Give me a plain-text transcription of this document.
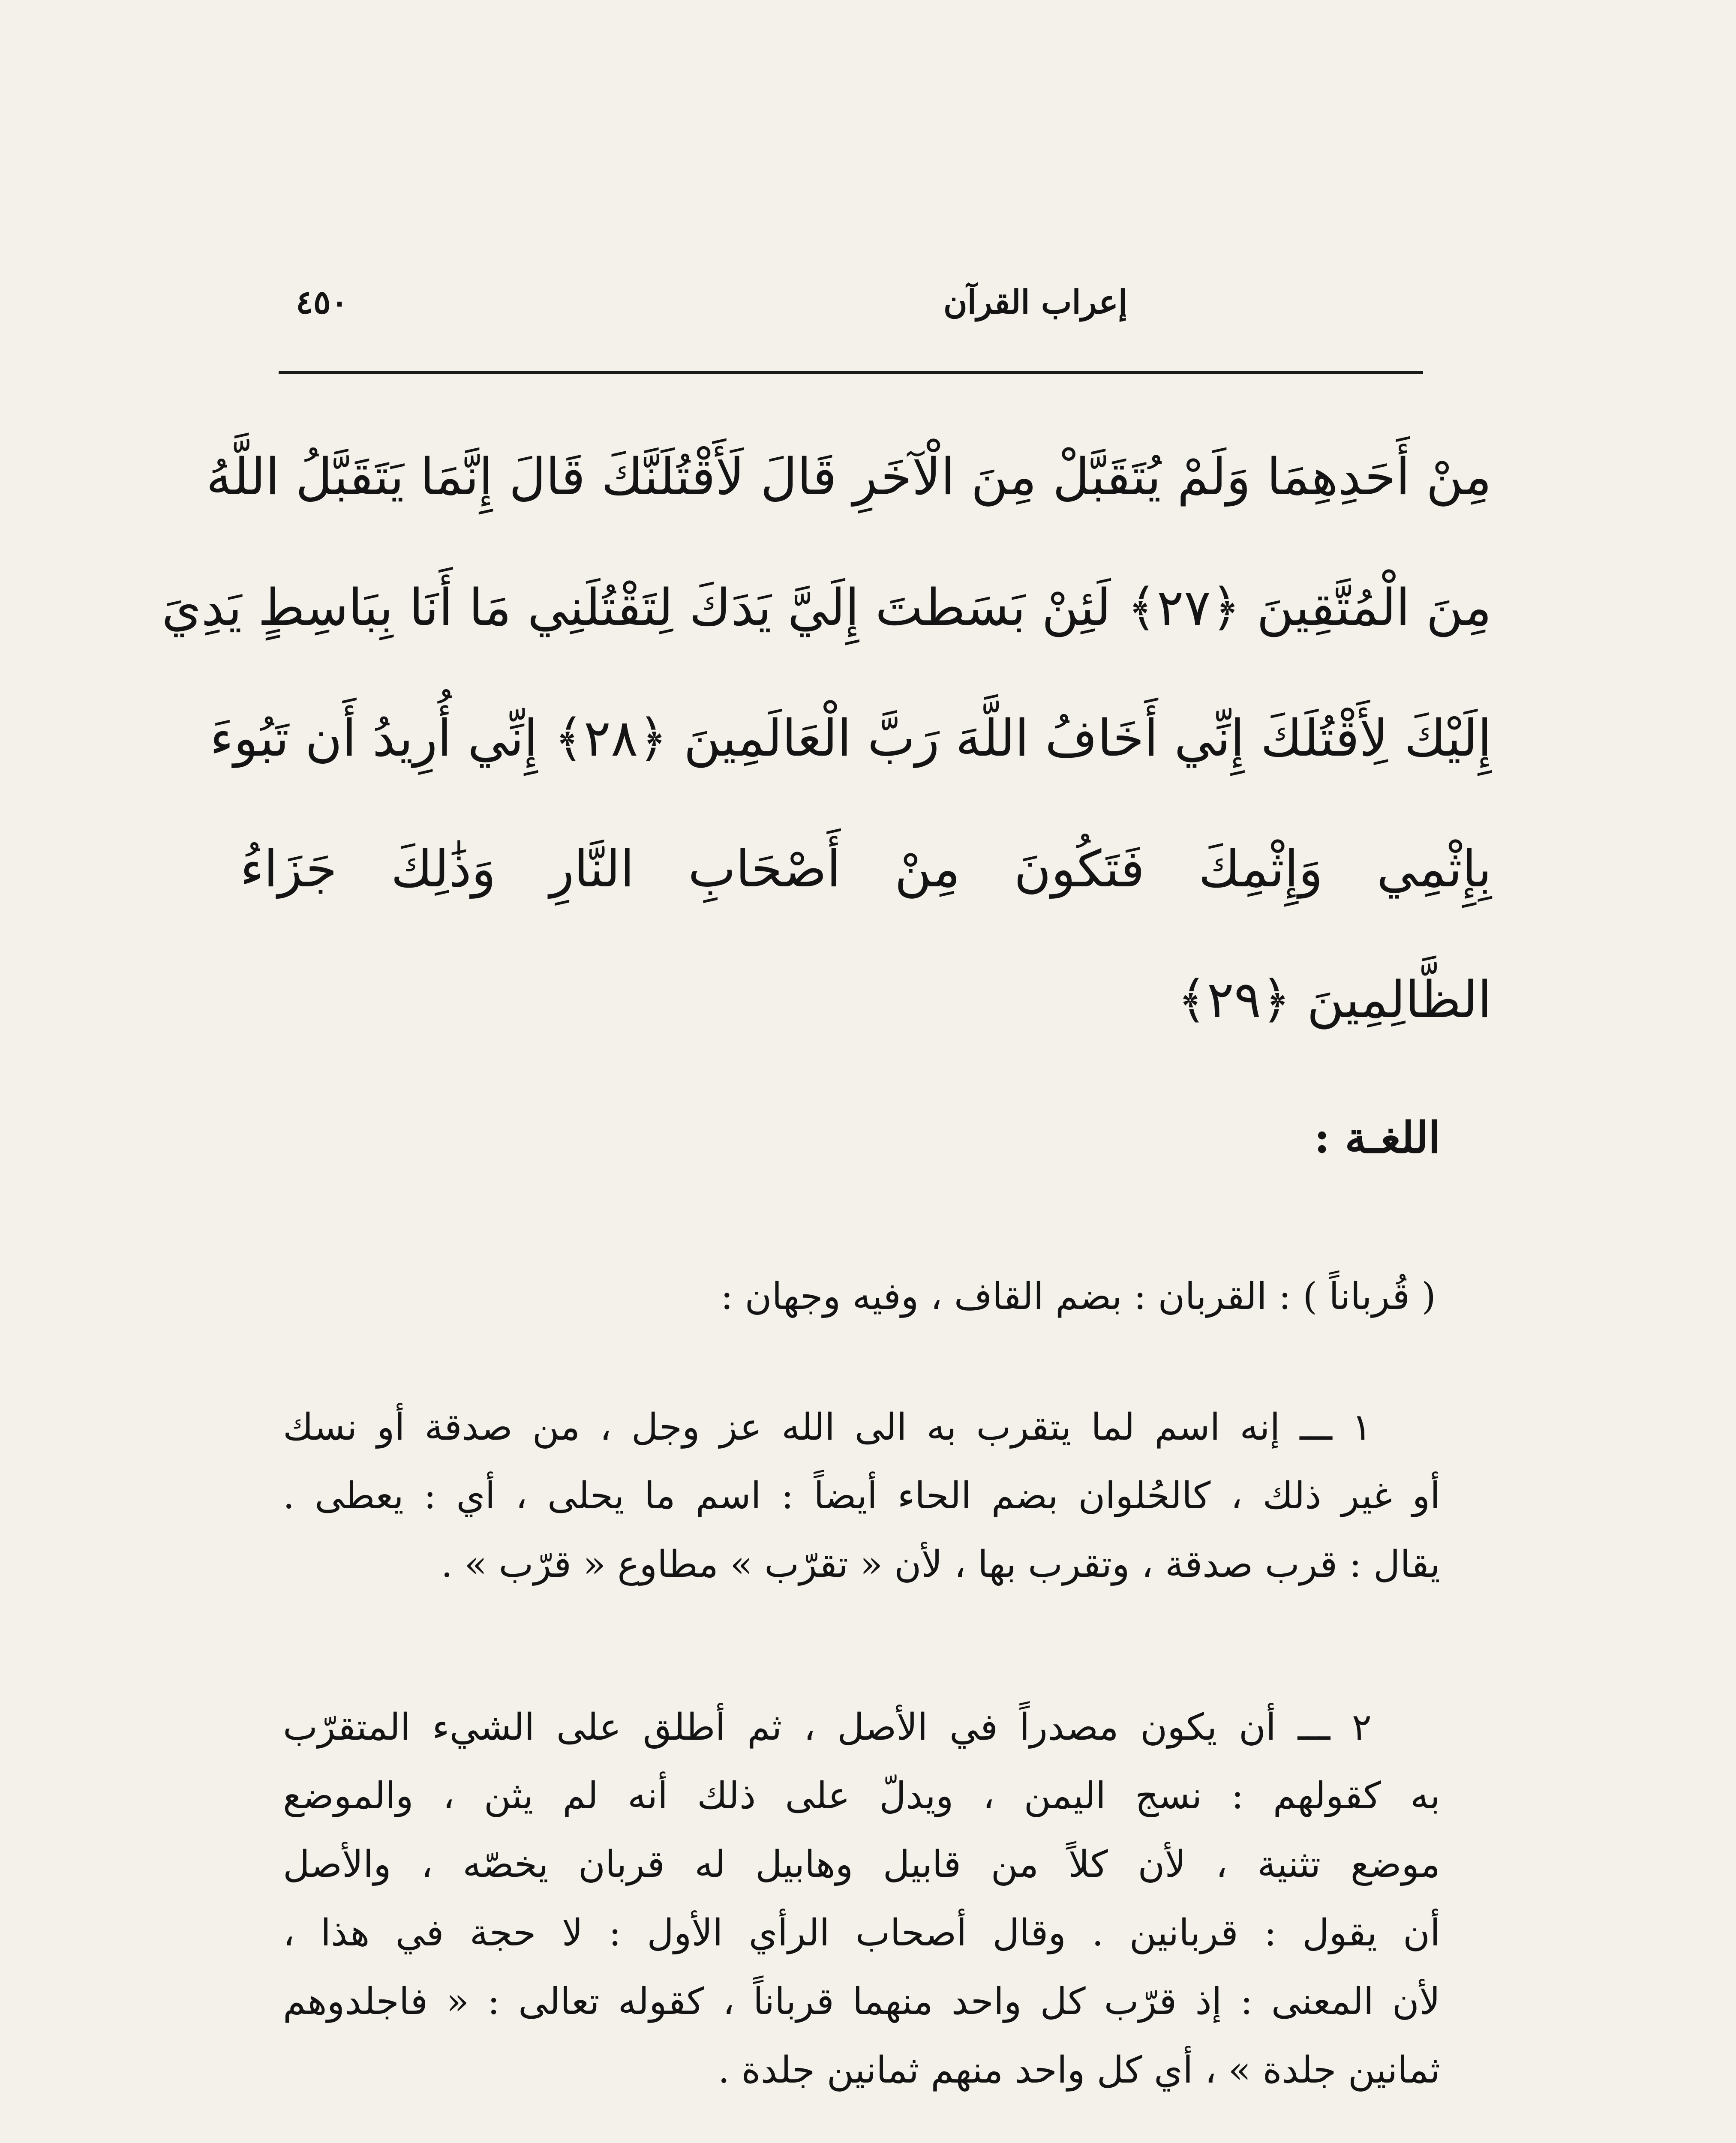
٤٥٠	إعراب القرآن
مِنْ أَحَدِهِمَا وَلَمْ يُتَقَبَّلْ مِنَ الْآخَرِ قَالَ لَأَقْتُلَنَّكَ قَالَ إِنَّمَا يَتَقَبَّلُ اللَّهُ
مِنَ الْمُتَّقِينَ ﴿٢٧﴾ لَئِنْ بَسَطتَ إِلَيَّ يَدَكَ لِتَقْتُلَنِي مَا أَنَا بِبَاسِطٍ يَدِيَ
إِلَيْكَ لِأَقْتُلَكَ إِنِّي أَخَافُ اللَّهَ رَبَّ الْعَالَمِينَ ﴿٢٨﴾ إِنِّي أُرِيدُ أَن تَبُوءَ
بِإِثْمِي وَإِثْمِكَ فَتَكُونَ مِنْ أَصْحَابِ النَّارِ وَذَٰلِكَ جَزَاءُ
الظَّالِمِينَ ﴿٢٩﴾
اللغـة :
( قُرباناً ) : القربان : بضم القاف ، وفيه وجهان :
١ ـــ إنه اسم لما يتقرب به الى الله عز وجل ، من صدقة أو نسك
أو غير ذلك ، كالحُلوان بضم الحاء أيضاً : اسم ما يحلى ، أي : يعطى .
يقال : قرب صدقة ، وتقرب بها ، لأن « تقرّب » مطاوع « قرّب » .
٢ ـــ أن يكون مصدراً في الأصل ، ثم أطلق على الشيء المتقرّب
به كقولهم : نسج اليمن ، ويدلّ على ذلك أنه لم يثن ، والموضع
موضع تثنية ، لأن كلاً من قابيل وهابيل له قربان يخصّه ، والأصل
أن يقول : قربانين . وقال أصحاب الرأي الأول : لا حجة في هذا ،
لأن المعنى : إذ قرّب كل واحد منهما قرباناً ، كقوله تعالى : « فاجلدوهم
ثمانين جلدة » ، أي كل واحد منهم ثمانين جلدة .
